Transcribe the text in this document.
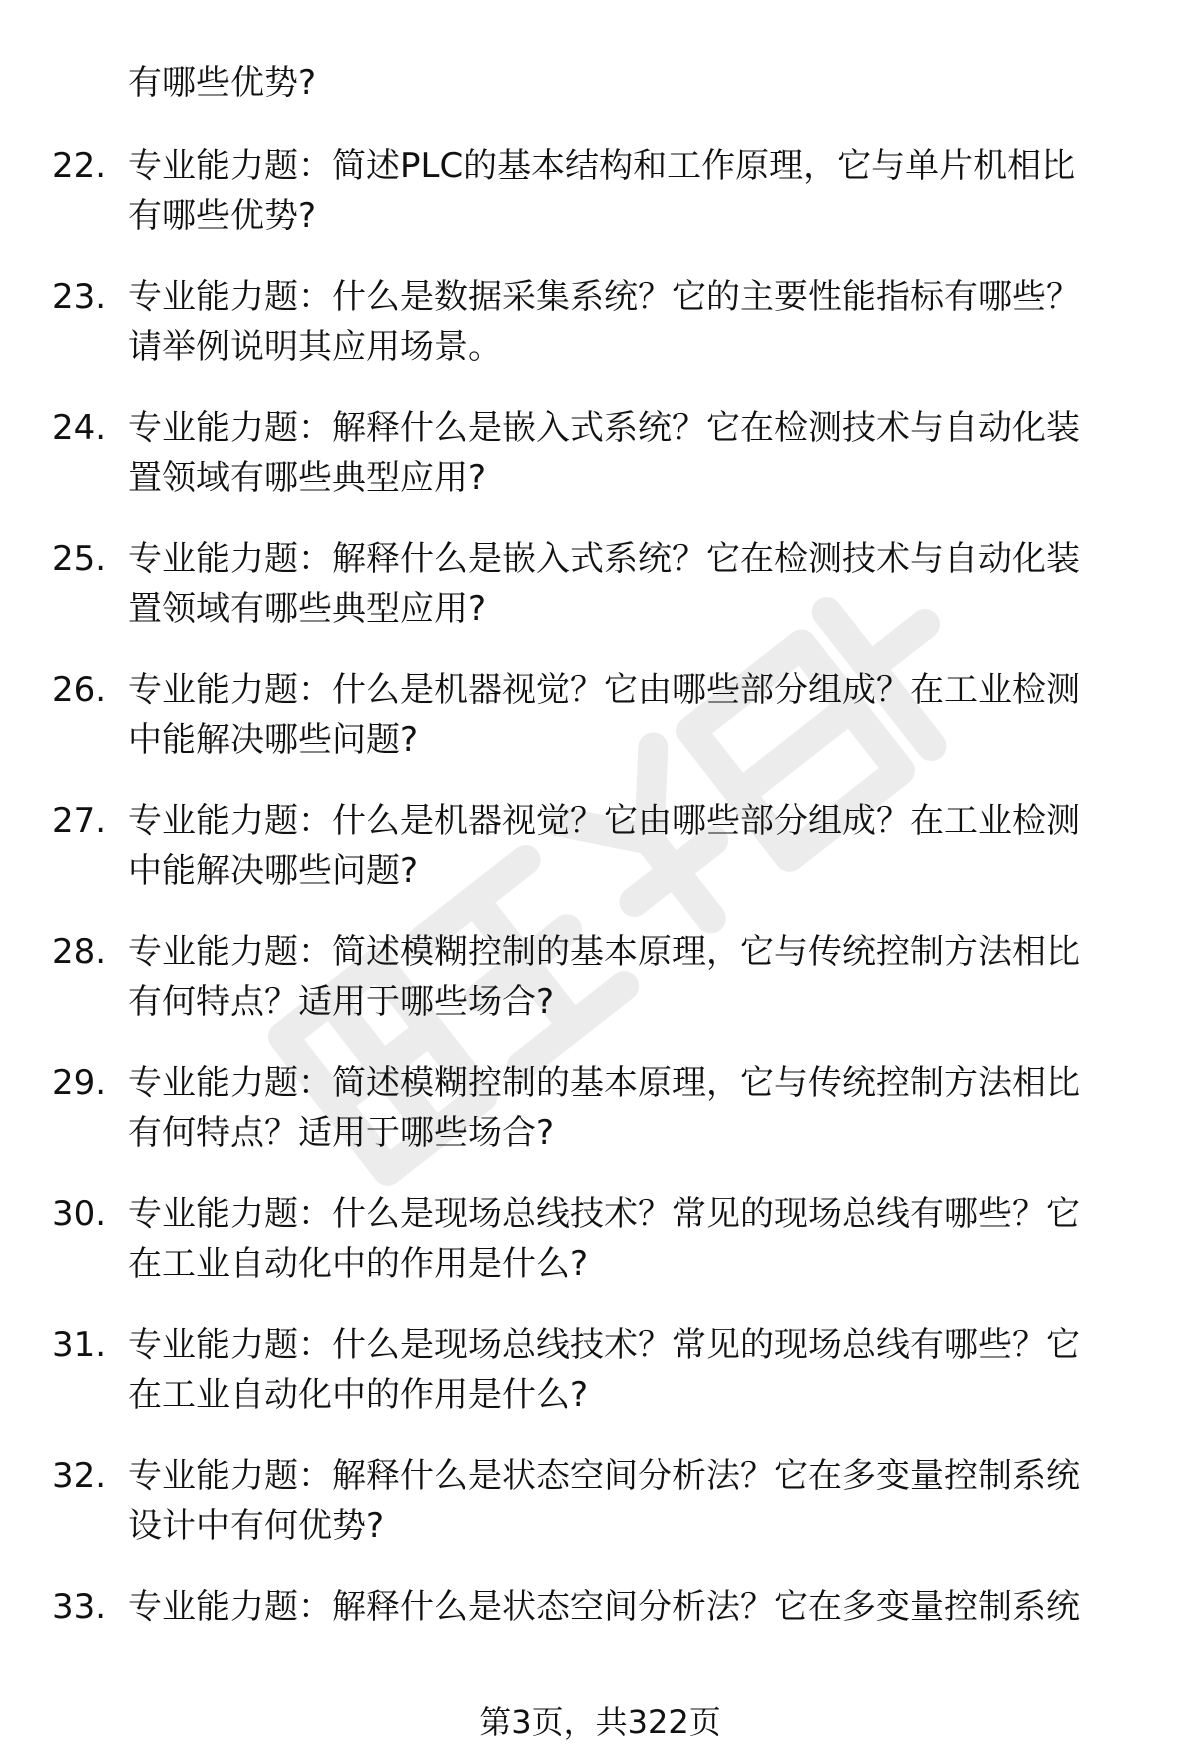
有哪些优势?
22. 专业能力题：简述PLC的基本结构和工作原理，它与单片机相比
有哪些优势?
23. 专业能力题：什么是数据采集系统？它的主要性能指标有哪些？
请举例说明其应用场景。
24. 专业能力题：解释什么是嵌入式系统？它在检测技术与自动化装
置领域有哪些典型应用?
25. 专业能力题：解释什么是嵌入式系统？它在检测技术与自动化装
置领域有哪些典型应用?
26. 专业能力题：什么是机器视觉？它由哪些部分组成？在工业检测
中能解决哪些问题?
27. 专业能力题：什么是机器视觉？它由哪些部分组成？在工业检测
中能解决哪些问题?
28. 专业能力题：简述模糊控制的基本原理，它与传统控制方法相比
有何特点？适用于哪些场合?
29. 专业能力题：简述模糊控制的基本原理，它与传统控制方法相比
有何特点？适用于哪些场合?
30. 专业能力题：什么是现场总线技术？常见的现场总线有哪些？它
在工业自动化中的作用是什么?
31. 专业能力题：什么是现场总线技术？常见的现场总线有哪些？它
在工业自动化中的作用是什么?
32. 专业能力题：解释什么是状态空间分析法？它在多变量控制系统
设计中有何优势?
33. 专业能力题：解释什么是状态空间分析法？它在多变量控制系统
第3页，共322页
